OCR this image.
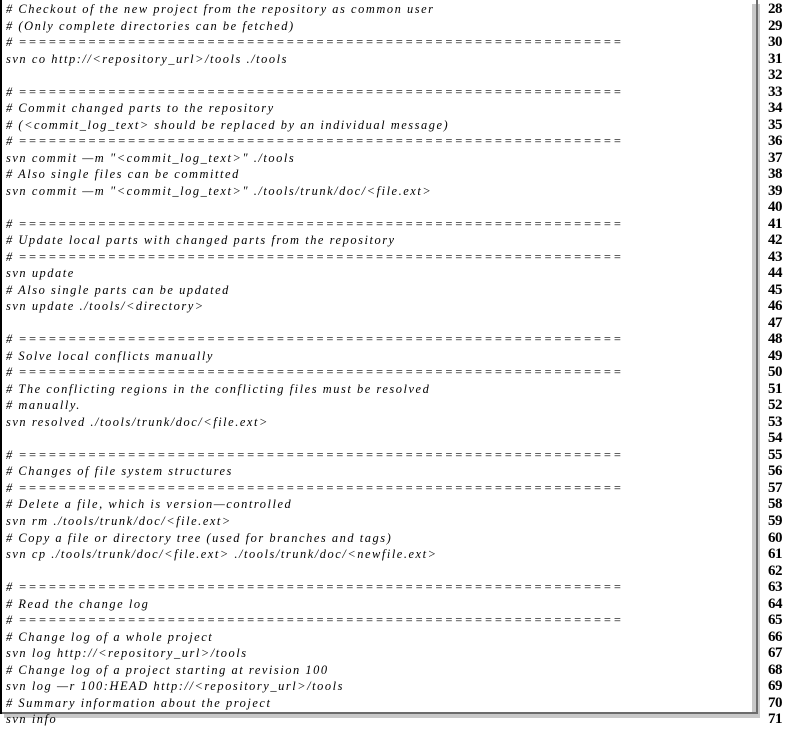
# Checkout of the new project from the repository as common user
# (Only complete directories can be fetched)
# =============================================================
svn co http://<repository_url>/tools ./tools
# =============================================================
# Commit changed parts to the repository
# (<commit_log_text> should be replaced by an individual message)
# =============================================================
svn commit —m "<commit_log_text>" ./tools
# Also single files can be committed
svn commit —m "<commit_log_text>" ./tools/trunk/doc/<file.ext>
# =============================================================
# Update local parts with changed parts from the repository
# =============================================================
svn update
# Also single parts can be updated
svn update ./tools/<directory>
# =============================================================
# Solve local conflicts manually
# =============================================================
# The conflicting regions in the conflicting files must be resolved
# manually.
svn resolved ./tools/trunk/doc/<file.ext>
# =============================================================
# Changes of file system structures
# =============================================================
# Delete a file, which is version—controlled
svn rm ./tools/trunk/doc/<file.ext>
# Copy a file or directory tree (used for branches and tags)
svn cp ./tools/trunk/doc/<file.ext> ./tools/trunk/doc/<newfile.ext>
# =============================================================
# Read the change log
# =============================================================
# Change log of a whole project
svn log http://<repository_url>/tools
# Change log of a project starting at revision 100
svn log —r 100:HEAD http://<repository_url>/tools
# Summary information about the project
svn info
28
29
30
31
32
33
34
35
36
37
38
39
40
41
42
43
44
45
46
47
48
49
50
51
52
53
54
55
56
57
58
59
60
61
62
63
64
65
66
67
68
69
70
71
